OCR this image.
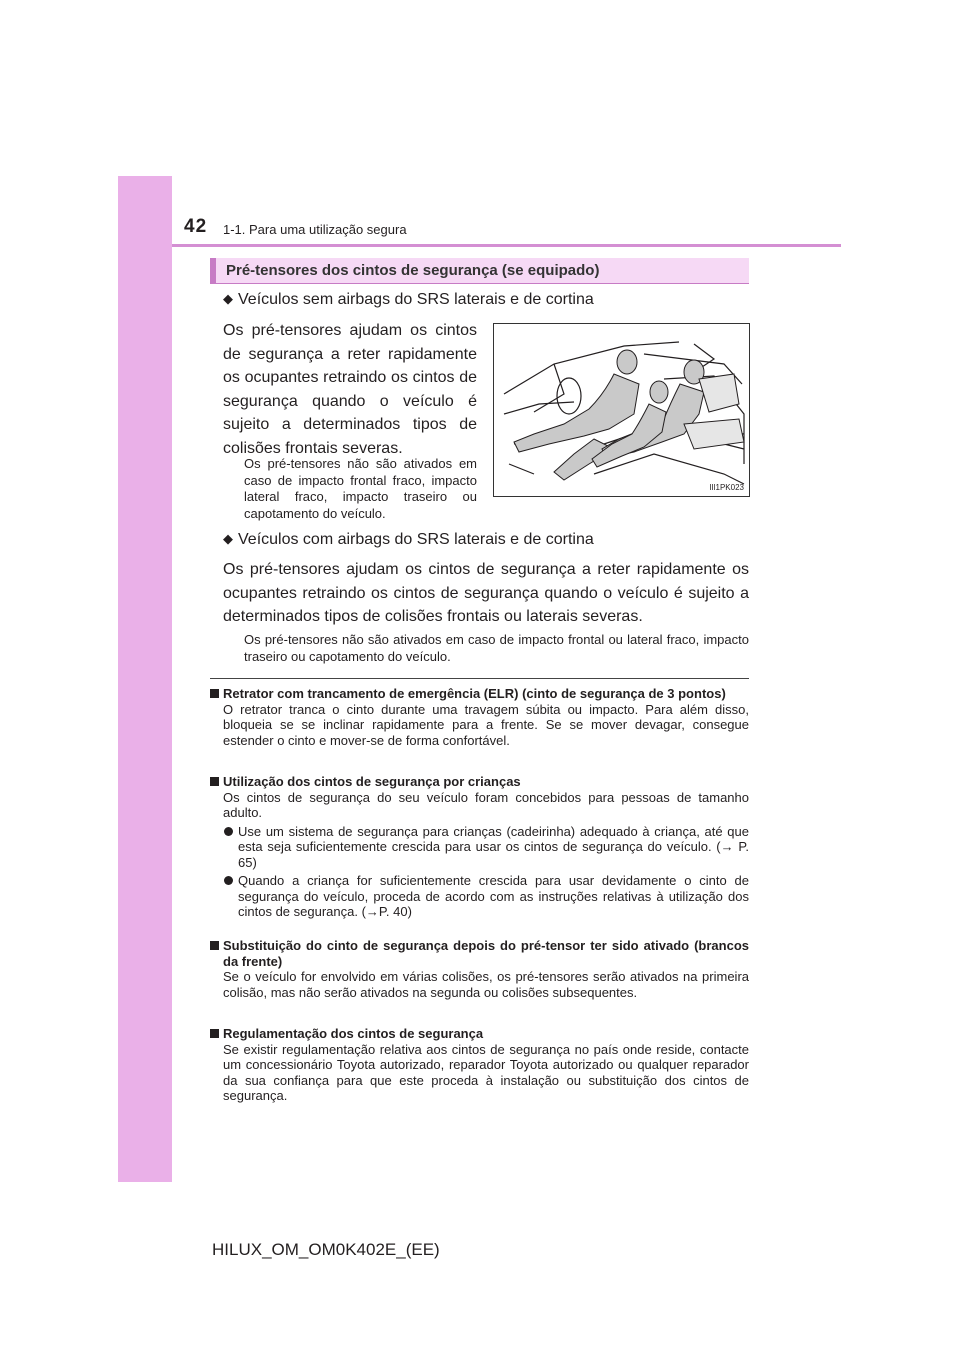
42 1-1. Para uma utilização segura
Pré-tensores dos cintos de segurança (se equipado)
◆ Veículos sem airbags do SRS laterais e de cortina

Os pré-tensores ajudam os cintos de segurança a reter rapidamente os ocupantes retraindo os cintos de segurança quando o veículo é sujeito a determinados tipos de colisões frontais severas.

Os pré-tensores não são ativados em caso de impacto frontal fraco, impacto lateral fraco, impacto traseiro ou capotamento do veículo.

IIl1PK023
◆ Veículos com airbags do SRS laterais e de cortina

Os pré-tensores ajudam os cintos de segurança a reter rapidamente os ocupantes retraindo os cintos de segurança quando o veículo é sujeito a determinados tipos de colisões frontais ou laterais severas.

Os pré-tensores não são ativados em caso de impacto frontal ou lateral fraco, impacto traseiro ou capotamento do veículo.

Retrator com trancamento de emergência (ELR) (cinto de segurança de 3 pontos)
O retrator tranca o cinto durante uma travagem súbita ou impacto. Para além disso, bloqueia se se inclinar rapidamente para a frente. Se se mover devagar, consegue estender o cinto e mover-se de forma confortável.
Utilização dos cintos de segurança por crianças
Os cintos de segurança do seu veículo foram concebidos para pessoas de tamanho adulto.
Use um sistema de segurança para crianças (cadeirinha) adequado à criança, até que esta seja suficientemente crescida para usar os cintos de segurança do veículo. (→ P. 65)
Quando a criança for suficientemente crescida para usar devidamente o cinto de segurança do veículo, proceda de acordo com as instruções relativas à utilização dos cintos de segurança. (→P. 40)
Substituição do cinto de segurança depois do pré-tensor ter sido ativado (brancos da frente)
Se o veículo for envolvido em várias colisões, os pré-tensores serão ativados na primeira colisão, mas não serão ativados na segunda ou colisões subsequentes.
Regulamentação dos cintos de segurança
Se existir regulamentação relativa aos cintos de segurança no país onde reside, contacte um concessionário Toyota autorizado, reparador Toyota autorizado ou qualquer reparador da sua confiança para que este proceda à instalação ou substituição dos cintos de segurança.
HILUX_OM_OM0K402E_(EE)
